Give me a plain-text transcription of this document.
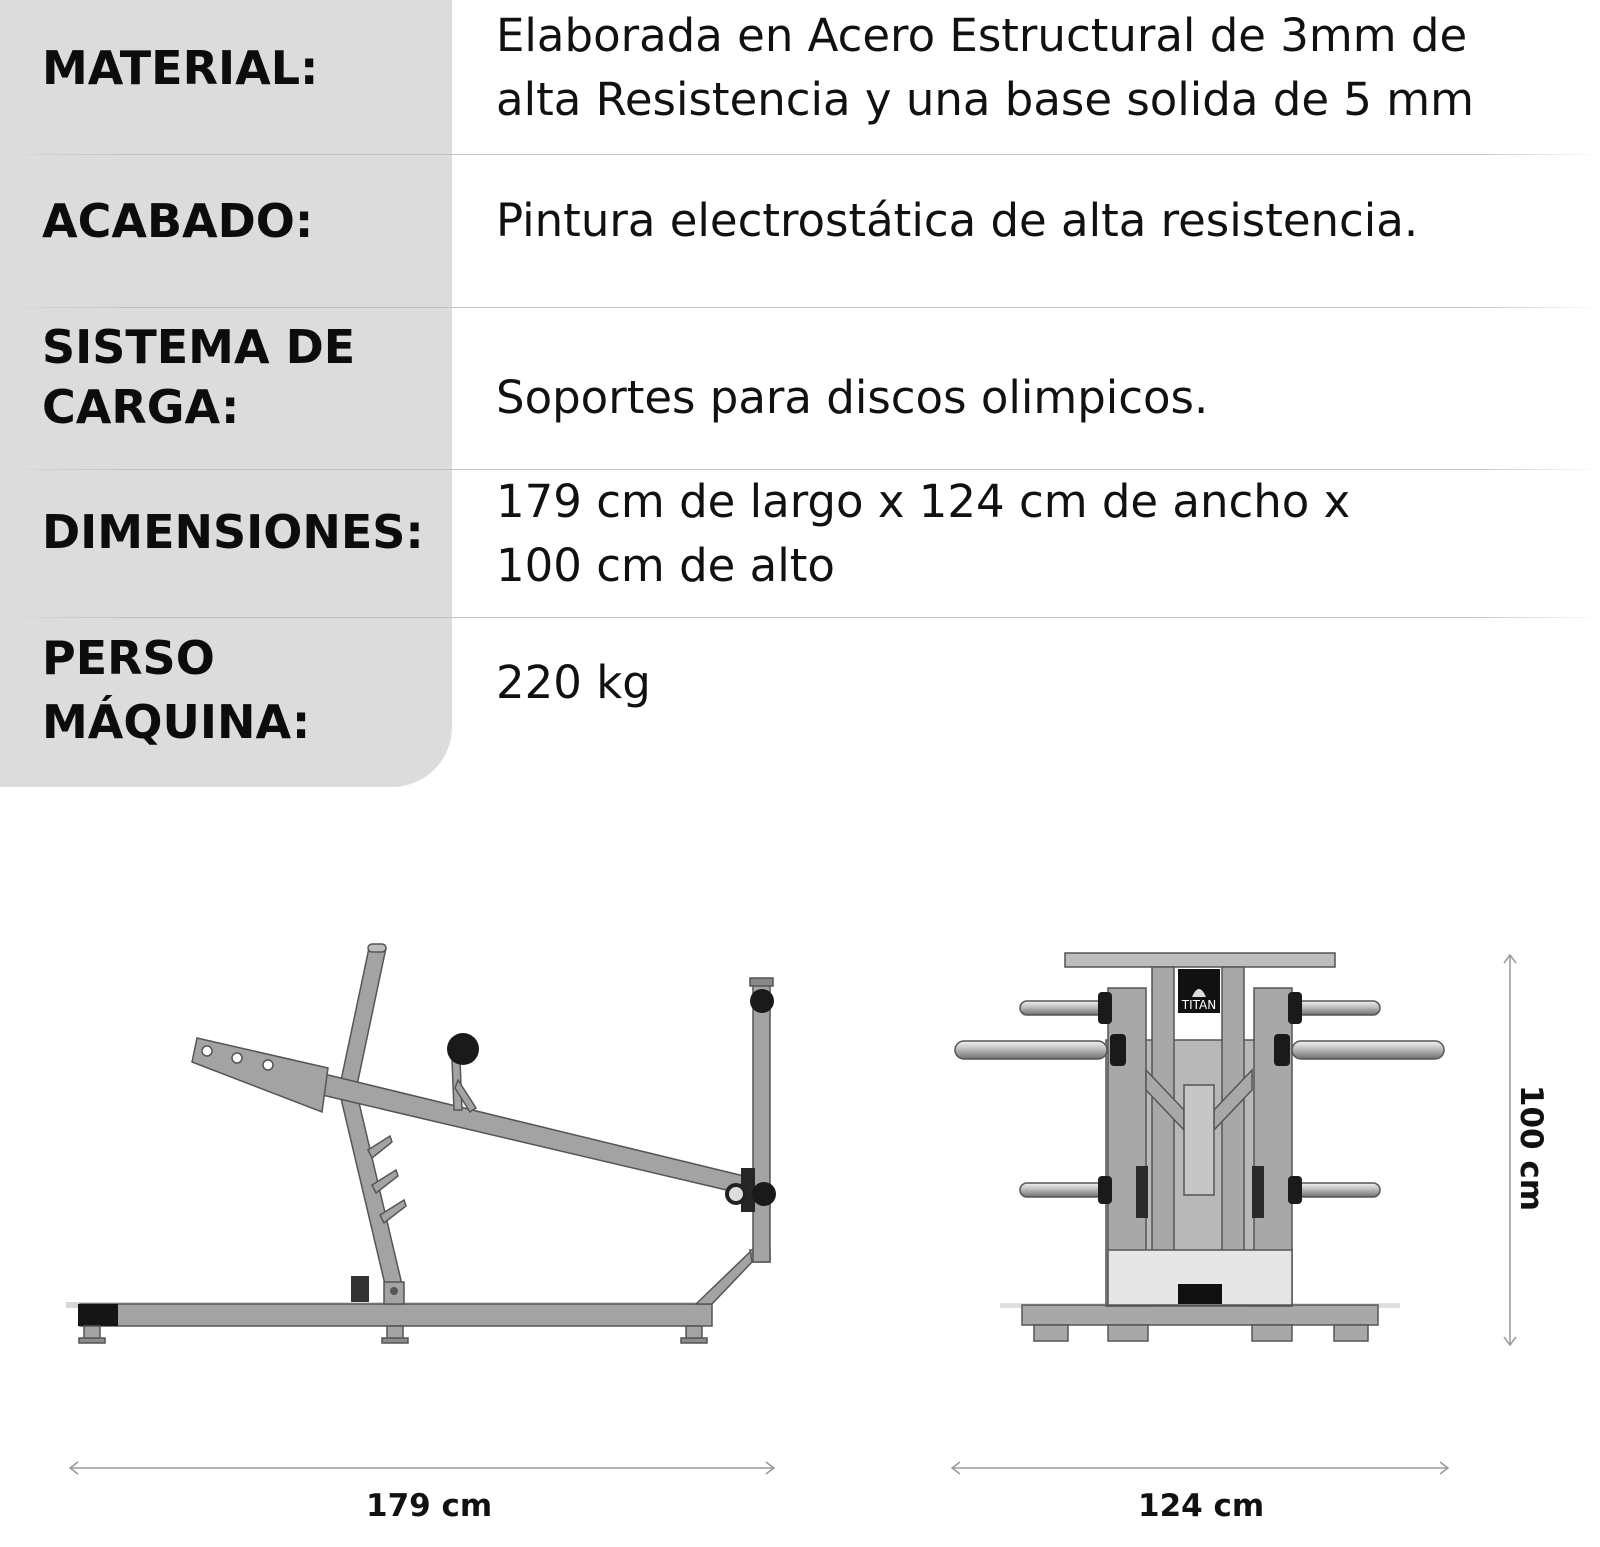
MATERIAL:
Elaborada en Acero Estructural de 3mm de
alta Resistencia y una base solida de 5 mm
ACABADO:	Pintura electrostática de alta resistencia.
SISTEMA DE
CARGA:	Soportes para discos olimpicos.
DIMENSIONES:
179 cm de largo x 124 cm de ancho x
100 cm de alto
PERSO
MÁQUINA:
220 kg
TITAN
179 cm	124 cm
100 cm
